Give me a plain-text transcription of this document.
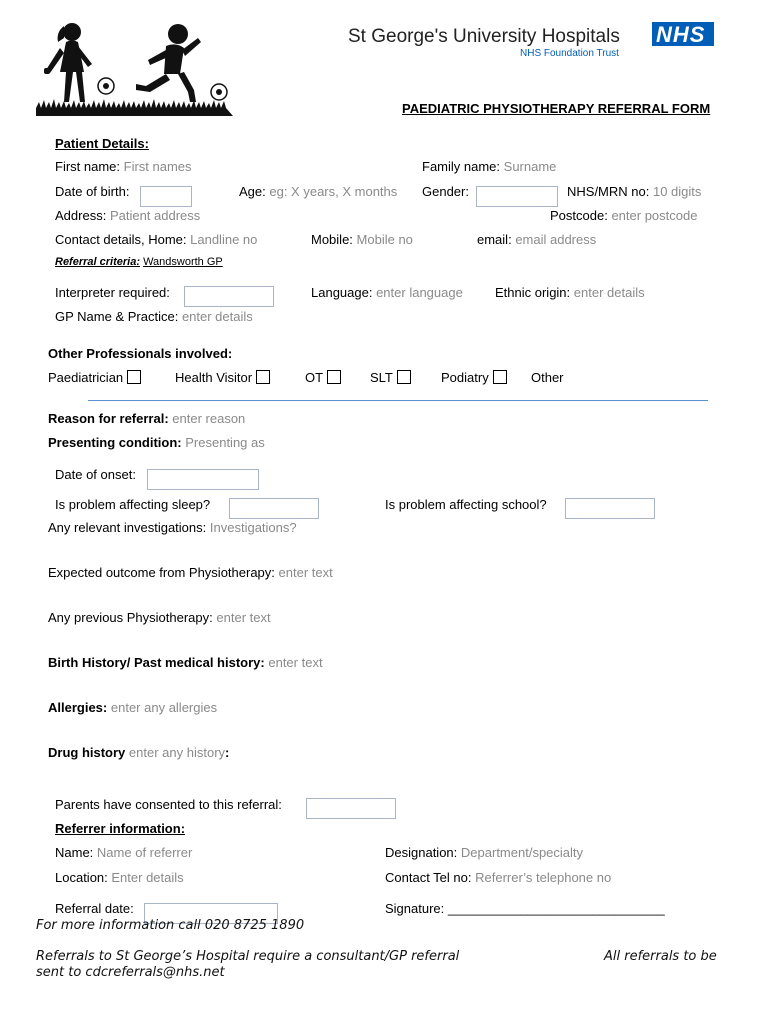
St George's University Hospitals
NHS Foundation Trust
NHS
PAEDIATRIC PHYSIOTHERAPY REFERRAL FORM
Patient Details:
First name: First names	Family name: Surname
Date of birth:	Age: eg: X years, X months Gender:	NHS/MRN no: 10 digits
Address: Patient address	Postcode: enter postcode
Contact details, Home: Landline no	Mobile: Mobile no	email: email address
Referral criteria: Wandsworth GP
Interpreter required:	Language: enter language Ethnic origin: enter details
GP Name & Practice: enter details
Other Professionals involved:
Paediatrician	Health Visitor	OT	SLT	Podiatry	Other
Reason for referral: enter reason
Presenting condition: Presenting as
Date of onset:
Is problem affecting sleep?	Is problem affecting school?
Any relevant investigations: Investigations?
Expected outcome from Physiotherapy: enter text
Any previous Physiotherapy: enter text
Birth History/ Past medical history: enter text
Allergies: enter any allergies
Drug history enter any history:
Parents have consented to this referral:
Referrer information:
Name: Name of referrer	Designation: Department/specialty
Location: Enter details	Contact Tel no: Referrer’s telephone no
Referral date:	Signature: ______________________________
For more information call 020 8725 1890
Referrals to St George’s Hospital require a consultant/GP referral	All referrals to be
sent to cdcreferrals@nhs.net
